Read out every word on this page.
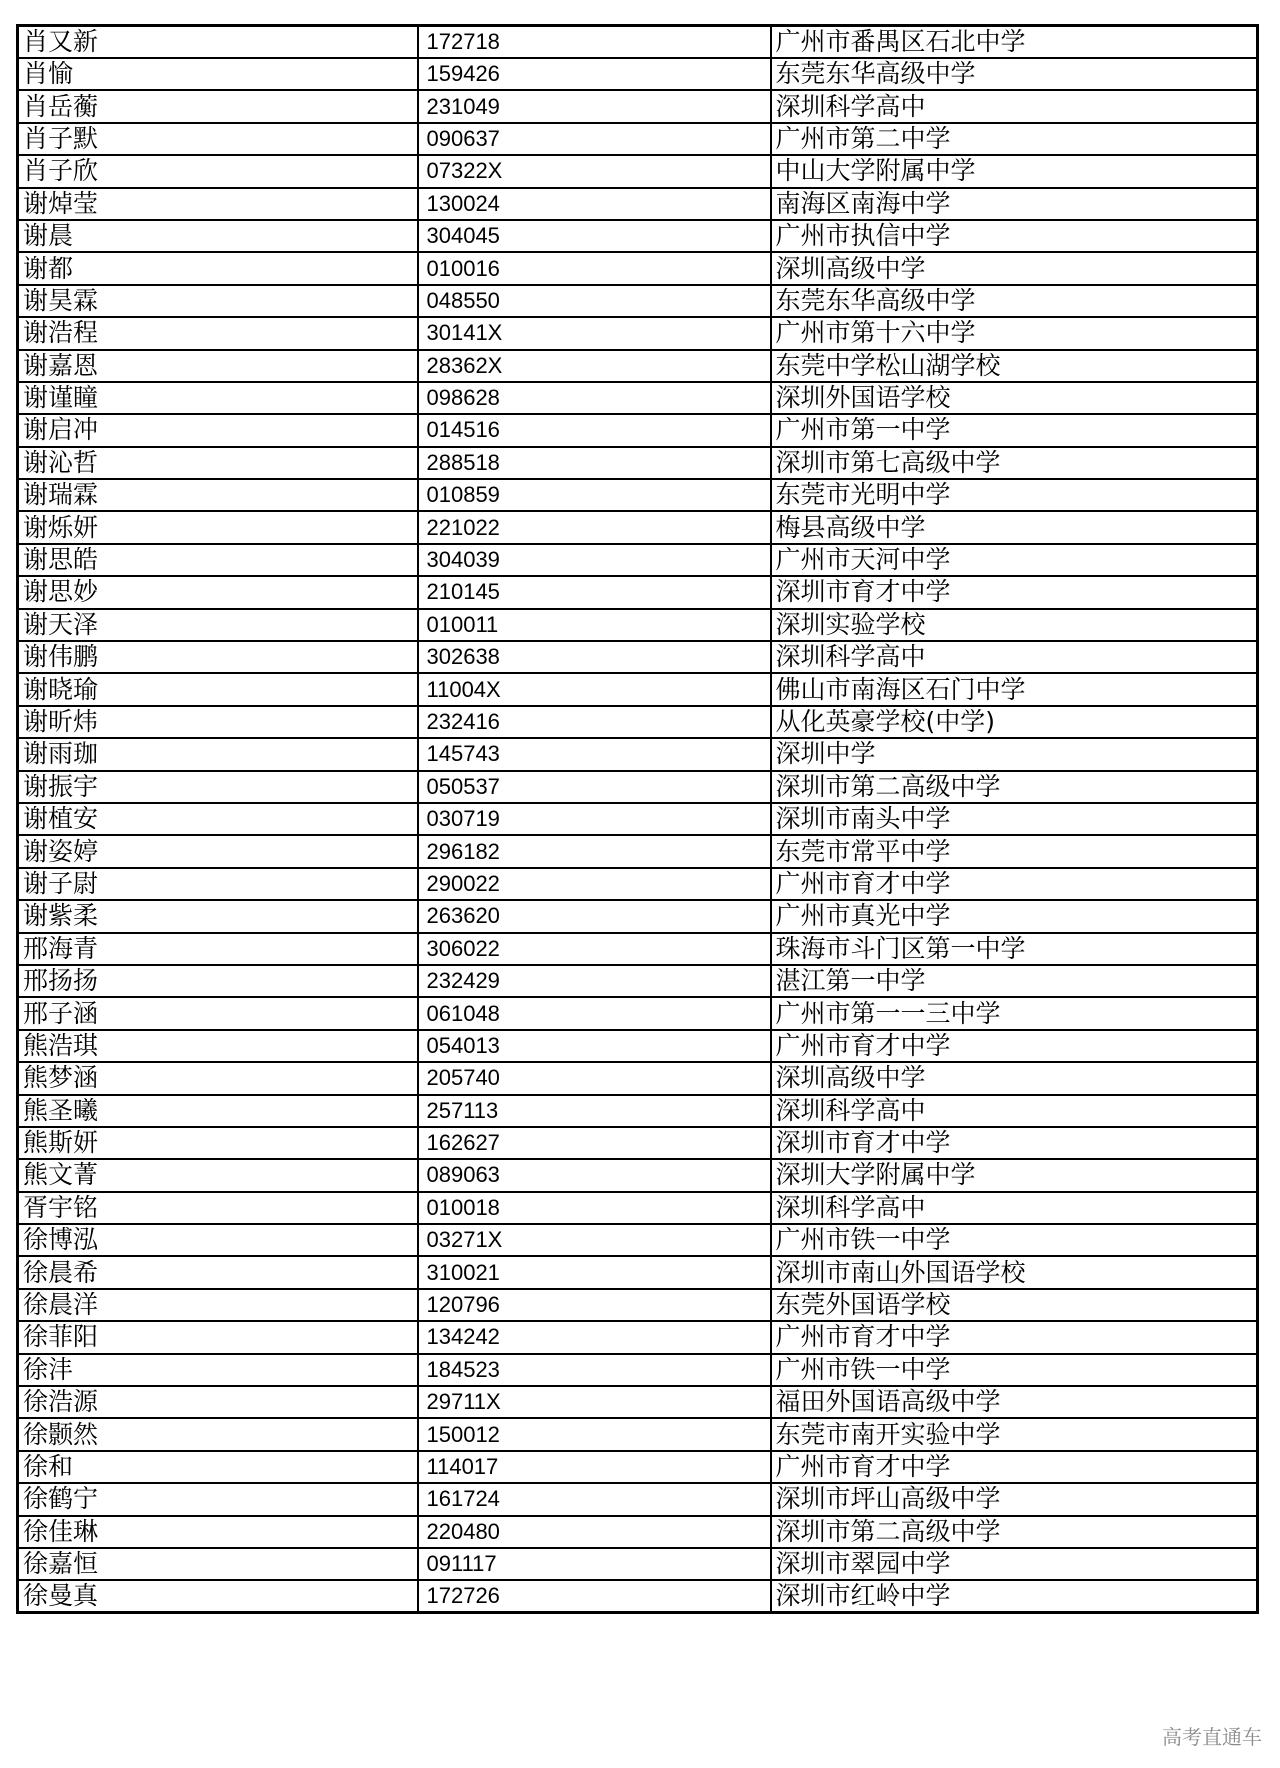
肖又新	172718	广州市番禺区石北中学
肖愉	159426	东莞东华高级中学
肖岳蘅	231049	深圳科学高中
肖子默	090637	广州市第二中学
肖子欣	07322X	中山大学附属中学
谢焯莹	130024	南海区南海中学
谢晨	304045	广州市执信中学
谢都	010016	深圳高级中学
谢昊霖	048550	东莞东华高级中学
谢浩程	30141X	广州市第十六中学
谢嘉恩	28362X	东莞中学松山湖学校
谢谨瞳	098628	深圳外国语学校
谢启冲	014516	广州市第一中学
谢沁哲	288518	深圳市第七高级中学
谢瑞霖	010859	东莞市光明中学
谢烁妍	221022	梅县高级中学
谢思皓	304039	广州市天河中学
谢思妙	210145	深圳市育才中学
谢天泽	010011	深圳实验学校
谢伟鹏	302638	深圳科学高中
谢晓瑜	11004X	佛山市南海区石门中学
谢昕炜	232416	从化英豪学校(中学)
谢雨珈	145743	深圳中学
谢振宇	050537	深圳市第二高级中学
谢植安	030719	深圳市南头中学
谢姿婷	296182	东莞市常平中学
谢子尉	290022	广州市育才中学
谢紫柔	263620	广州市真光中学
邢海青	306022	珠海市斗门区第一中学
邢扬扬	232429	湛江第一中学
邢子涵	061048	广州市第一一三中学
熊浩琪	054013	广州市育才中学
熊梦涵	205740	深圳高级中学
熊圣曦	257113	深圳科学高中
熊斯妍	162627	深圳市育才中学
熊文菁	089063	深圳大学附属中学
胥宇铭	010018	深圳科学高中
徐博泓	03271X	广州市铁一中学
徐晨希	310021	深圳市南山外国语学校
徐晨洋	120796	东莞外国语学校
徐菲阳	134242	广州市育才中学
徐沣	184523	广州市铁一中学
徐浩源	29711X	福田外国语高级中学
徐颢然	150012	东莞市南开实验中学
徐和	114017	广州市育才中学
徐鹤宁	161724	深圳市坪山高级中学
徐佳琳	220480	深圳市第二高级中学
徐嘉恒	091117	深圳市翠园中学
徐曼真	172726	深圳市红岭中学
高考直通车
